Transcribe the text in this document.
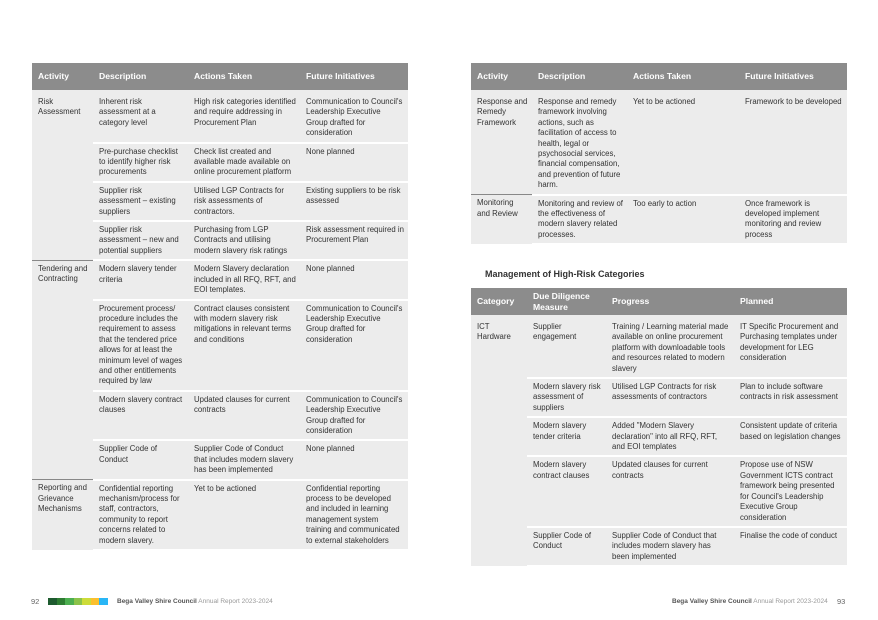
Activity	Description	Actions Taken	Future Initiatives

Risk Assessment	Inherent risk assessment at a category level	High risk categories identified and require addressing in Procurement Plan	Communication to Council's Leadership Executive Group drafted for consideration
	Pre-purchase checklist to identify higher risk procurements	Check list created and available made available on online procurement platform	None planned
	Supplier risk assessment – existing suppliers	Utilised LGP Contracts for risk assessments of contractors.	Existing suppliers to be risk assessed
	Supplier risk assessment – new and potential suppliers	Purchasing from LGP Contracts and utilising modern slavery risk ratings	Risk assessment required in Procurement Plan
Tendering and Contracting	Modern slavery tender criteria	Modern Slavery declaration included in all RFQ, RFT, and EOI templates.	None planned
	Procurement process/ procedure includes the requirement to assess that the tendered price allows for at least the minimum level of wages and other entitlements required by law	Contract clauses consistent with modern slavery risk mitigations in relevant terms and conditions	Communication to Council's Leadership Executive Group drafted for consideration
	Modern slavery contract clauses	Updated clauses for current contracts	Communication to Council's Leadership Executive Group drafted for consideration
	Supplier Code of Conduct	Supplier Code of Conduct that includes modern slavery has been implemented	None planned
Reporting and Grievance Mechanisms	Confidential reporting mechanism/process for staff, contractors, community to report concerns related to modern slavery.	Yet to be actioned	Confidential reporting process to be developed and included in learning management system training and communicated to external stakeholders
Activity	Description	Actions Taken	Future Initiatives

Response and Remedy Framework	Response and remedy framework involving actions, such as facilitation of access to health, legal or psychosocial services, financial compensation, and prevention of future harm.	Yet to be actioned	Framework to be developed
Monitoring and Review	Monitoring and review of the effectiveness of modern slavery related processes.	Too early to action	Once framework is developed implement monitoring and review process
Management of High-Risk Categories
Category	Due Diligence Measure	Progress	Planned

ICT Hardware	Supplier engagement	Training / Learning material made available on online procurement platform with downloadable tools and resources related to modern slavery	IT Specific Procurement and Purchasing templates under development for LEG consideration
	Modern slavery risk assessment of suppliers	Utilised LGP Contracts for risk assessments of contractors	Plan to include software contracts in risk assessment
	Modern slavery tender criteria	Added "Modern Slavery declaration" into all RFQ, RFT, and EOI templates	Consistent update of criteria based on legislation changes
	Modern slavery contract clauses	Updated clauses for current contracts	Propose use of NSW Government ICTS contract framework being presented for Council's Leadership Executive Group consideration
	Supplier Code of Conduct	Supplier Code of Conduct that includes modern slavery has been implemented	Finalise the code of conduct
92	Bega Valley Shire Council Annual Report 2023-2024	Bega Valley Shire Council Annual Report 2023-2024 93
